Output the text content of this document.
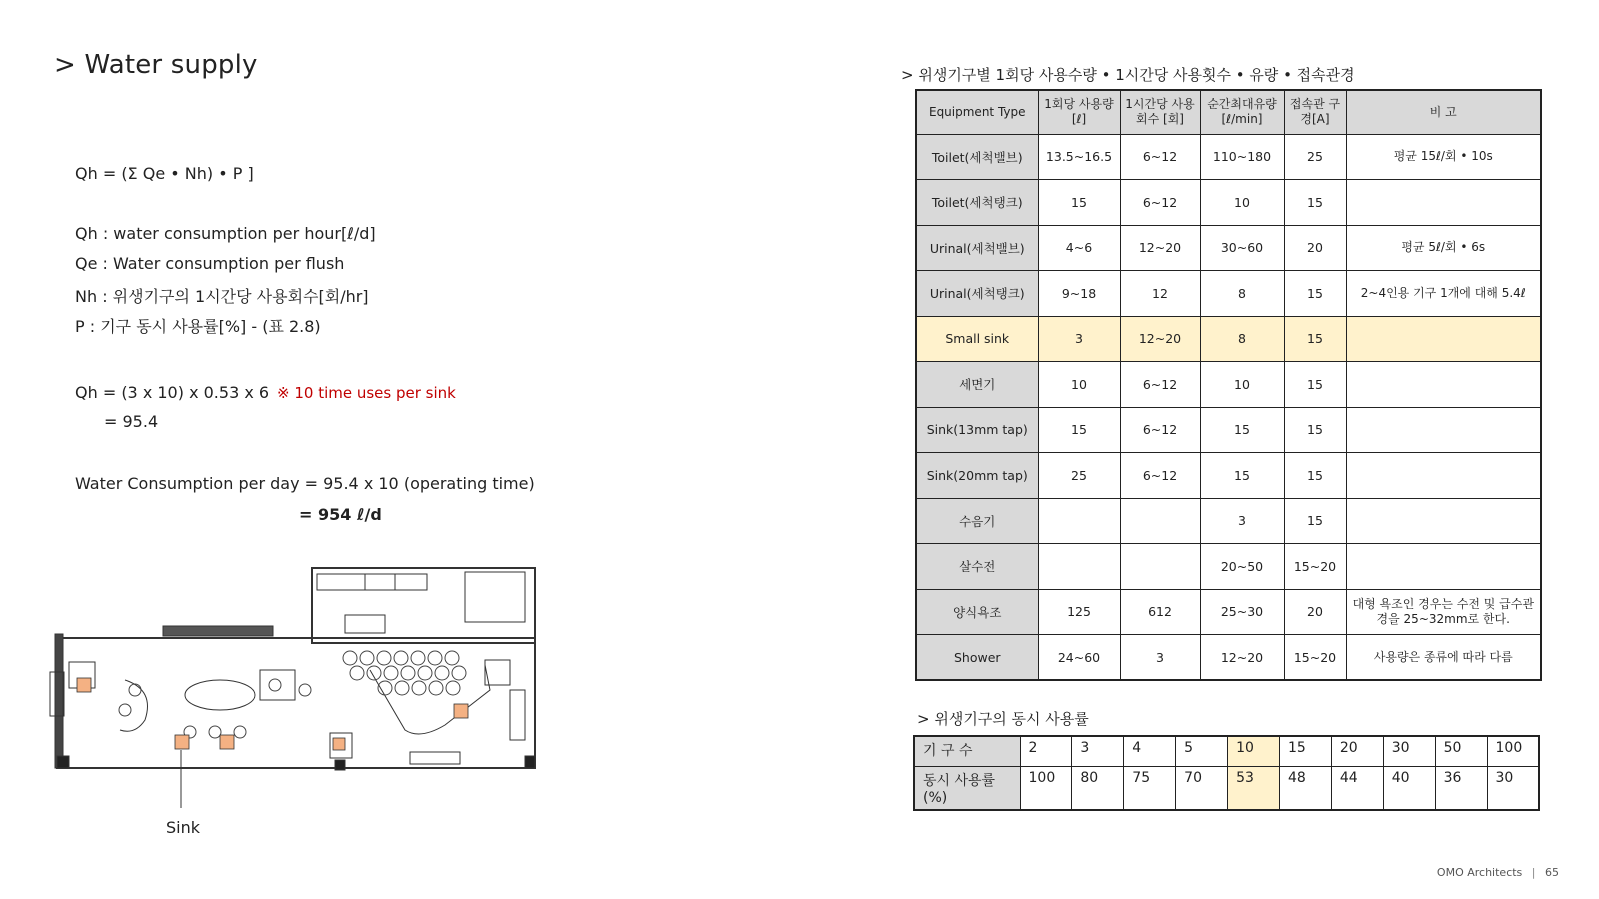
> Water supply
Qh = (Σ Qe • Nh) • P ]
Qh : water consumption per hour[ℓ/d]
Qe : Water consumption per flush
Nh : 위생기구의 1시간당 사용회수[회/hr]
P : 기구 동시 사용률[%] - (표 2.8)
Qh = (3 x 10) x 0.53 x 6 ※ 10 time uses per sink
= 95.4
Water Consumption per day = 95.4 x 10 (operating time)
= 954 ℓ/d
Sink
> 위생기구별 1회당 사용수량 • 1시간당 사용횟수 • 유량 • 접속관경
Equipment Type	1회당 사용량 [ℓ]	1시간당 사용회수 [회]	순간최대유량 [ℓ/min]	접속관 구경[A]	비 고
Toilet(세척밸브)	13.5~16.5	6~12	110~180	25	평균 15ℓ/회 • 10s
Toilet(세척탱크)	15	6~12	10	15	
Urinal(세척밸브)	4~6	12~20	30~60	20	평균 5ℓ/회 • 6s
Urinal(세척탱크)	9~18	12	8	15	2~4인용 기구 1개에 대해 5.4ℓ
Small sink	3	12~20	8	15	
세면기	10	6~12	10	15	
Sink(13mm tap)	15	6~12	15	15	
Sink(20mm tap)	25	6~12	15	15	
수음기			3	15	
살수전			20~50	15~20	
양식욕조	125	612	25~30	20	대형 욕조인 경우는 수전 및 급수관경을 25~32mm로 한다.
Shower	24~60	3	12~20	15~20	사용량은 종류에 따라 다름
> 위생기구의 동시 사용률
기 구 수	2	3	4	5	10	15	20	30	50	100
동시 사용률(%)	100	80	75	70	53	48	44	40	36	30
OMO Architects | 65
